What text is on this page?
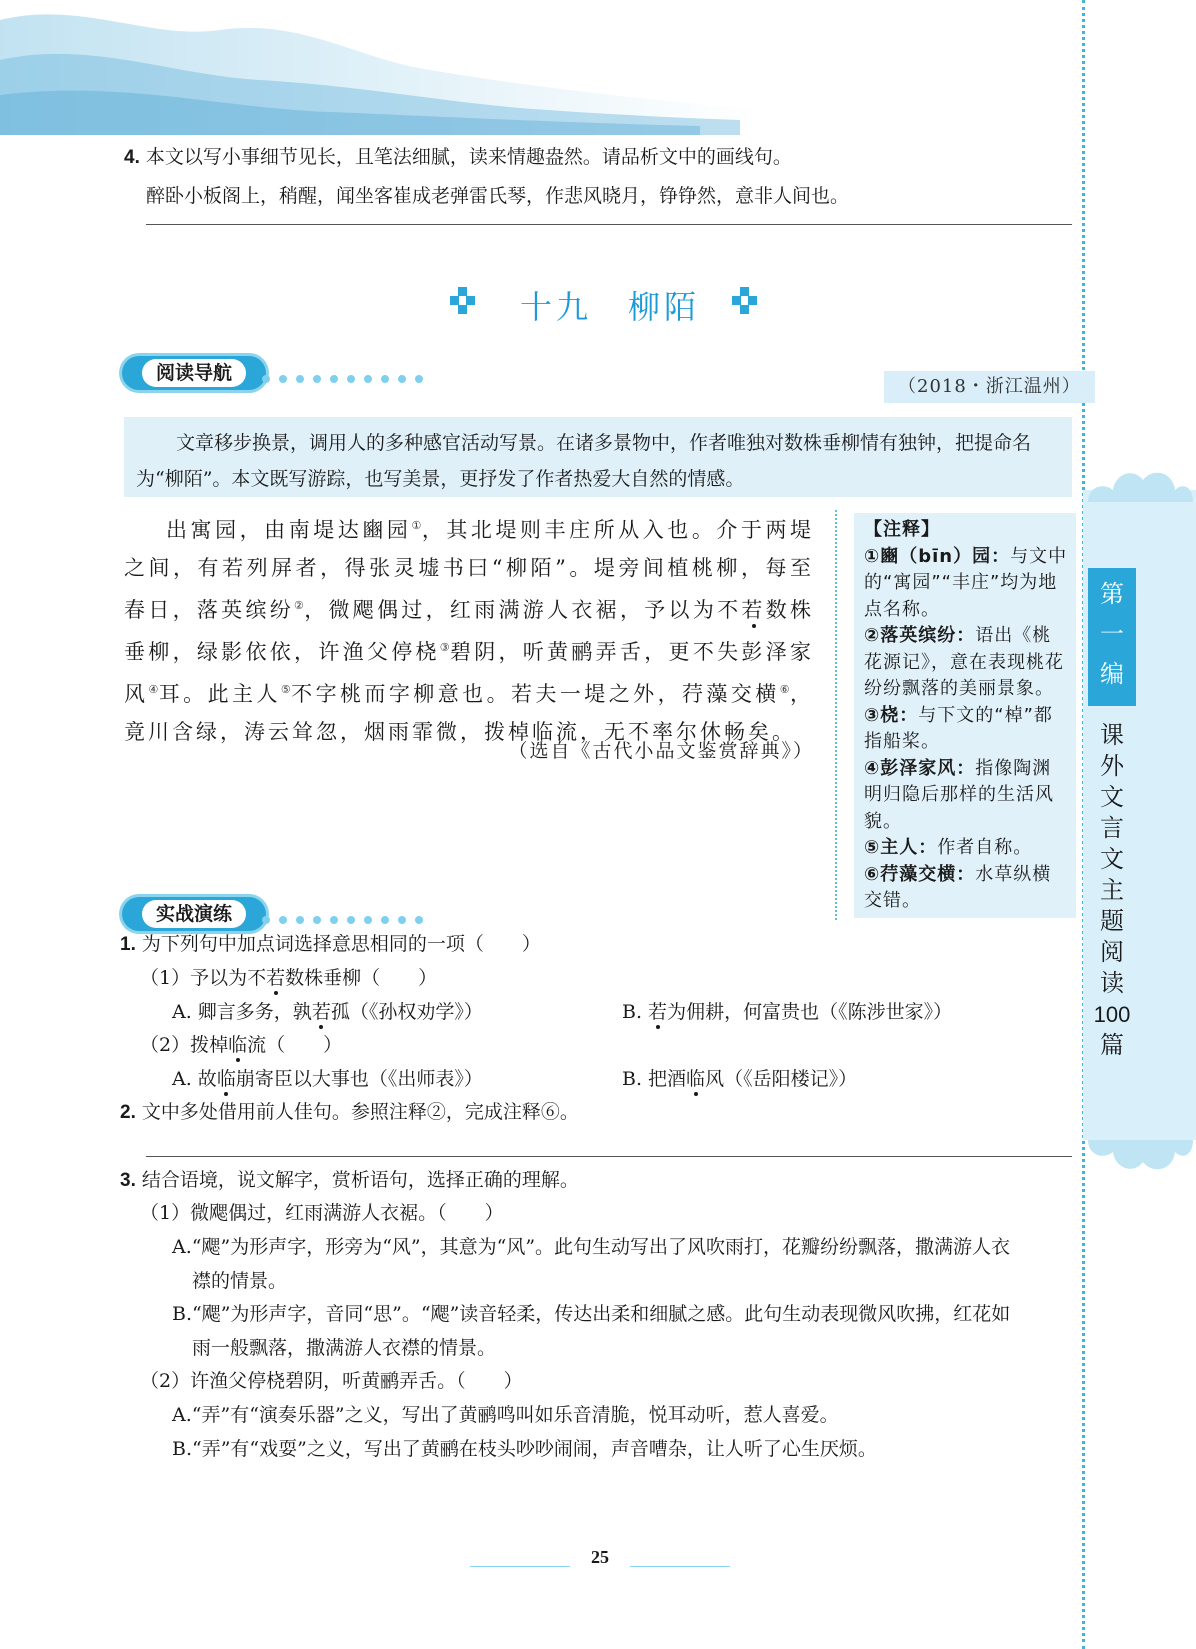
4. 本文以写小事细节见长，且笔法细腻，读来情趣盎然。请品析文中的画线句。
醉卧小板阁上，稍醒，闻坐客崔成老弹雷氏琴，作悲风晓月，铮铮然，意非人间也。
十九　柳陌
阅读导航
（2018・浙江温州）
文章移步换景，调用人的多种感官活动写景。在诸多景物中，作者唯独对数株垂柳情有独钟，把提命名为“柳陌”。本文既写游踪，也写美景，更抒发了作者热爱大自然的情感。
出寓园，由南堤达豳园①，其北堤则丰庄所从入也。介于两堤之间，有若列屏者，得张灵墟书曰“柳陌”。堤旁间植桃柳，每至春日，落英缤纷②，微飔偶过，红雨满游人衣裾，予以为不若数株垂柳，绿影依依，许渔父停桡③碧阴，听黄鹂弄舌，更不失彭泽家风④耳。此主人⑤不字桃而字柳意也。若夫一堤之外，荇藻交横⑥，竟川含绿，涛云耸忽，烟雨霏微，拨棹临流，无不率尔休畅矣。
（选自《古代小品文鉴赏辞典》）
【注释】
①豳（bīn）园：与文中的“寓园”“丰庄”均为地点名称。
②落英缤纷：语出《桃花源记》，意在表现桃花纷纷飘落的美丽景象。
③桡：与下文的“棹”都指船桨。
④彭泽家风：指像陶渊明归隐后那样的生活风貌。
⑤主人：作者自称。
⑥荇藻交横：水草纵横交错。
第一编
课外文言文主题阅读
100
篇
实战演练
1. 为下列句中加点词选择意思相同的一项（　　）
（1）予以为不若数株垂柳（　　）
A. 卿言多务，孰若孤（《孙权劝学》）	B. 若为佣耕，何富贵也（《陈涉世家》）
（2）拨棹临流（　　）
A. 故临崩寄臣以大事也（《出师表》）	B. 把酒临风（《岳阳楼记》）
2. 文中多处借用前人佳句。参照注释②，完成注释⑥。
3. 结合语境，说文解字，赏析语句，选择正确的理解。
（1）微飔偶过，红雨满游人衣裾。（　　）
A.“飔”为形声字，形旁为“风”，其意为“风”。此句生动写出了风吹雨打，花瓣纷纷飘落，撒满游人衣
襟的情景。
B.“飔”为形声字，音同“思”。“飔”读音轻柔，传达出柔和细腻之感。此句生动表现微风吹拂，红花如
雨一般飘落，撒满游人衣襟的情景。
（2）许渔父停桡碧阴，听黄鹂弄舌。（　　）
A.“弄”有“演奏乐器”之义，写出了黄鹂鸣叫如乐音清脆，悦耳动听，惹人喜爱。
B.“弄”有“戏耍”之义，写出了黄鹂在枝头吵吵闹闹，声音嘈杂，让人听了心生厌烦。
25
